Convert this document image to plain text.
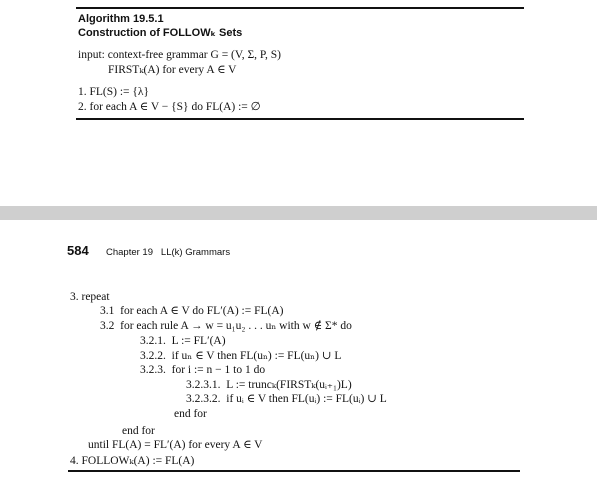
Algorithm 19.5.1
Construction of FOLLOWₖ Sets
input: context-free grammar G = (V, Σ, P, S)
FIRSTₖ(A) for every A ∈ V
1. FL(S) := {λ}
2. for each A ∈ V − {S} do FL(A) := ∅
584 Chapter 19   LL(k) Grammars
3. repeat
3.1  for each A ∈ V do FL′(A) := FL(A)
3.2  for each rule A → w = u₁u₂ . . . uₙ with w ∉ Σ* do
3.2.1.  L := FL′(A)
3.2.2.  if uₙ ∈ V then FL(uₙ) := FL(uₙ) ∪ L
3.2.3.  for i := n − 1 to 1 do
3.2.3.1.  L := truncₖ(FIRSTₖ(uᵢ₊₁)L)
3.2.3.2.  if uᵢ ∈ V then FL(uᵢ) := FL(uᵢ) ∪ L
end for
end for
until FL(A) = FL′(A) for every A ∈ V
4. FOLLOWₖ(A) := FL(A)
